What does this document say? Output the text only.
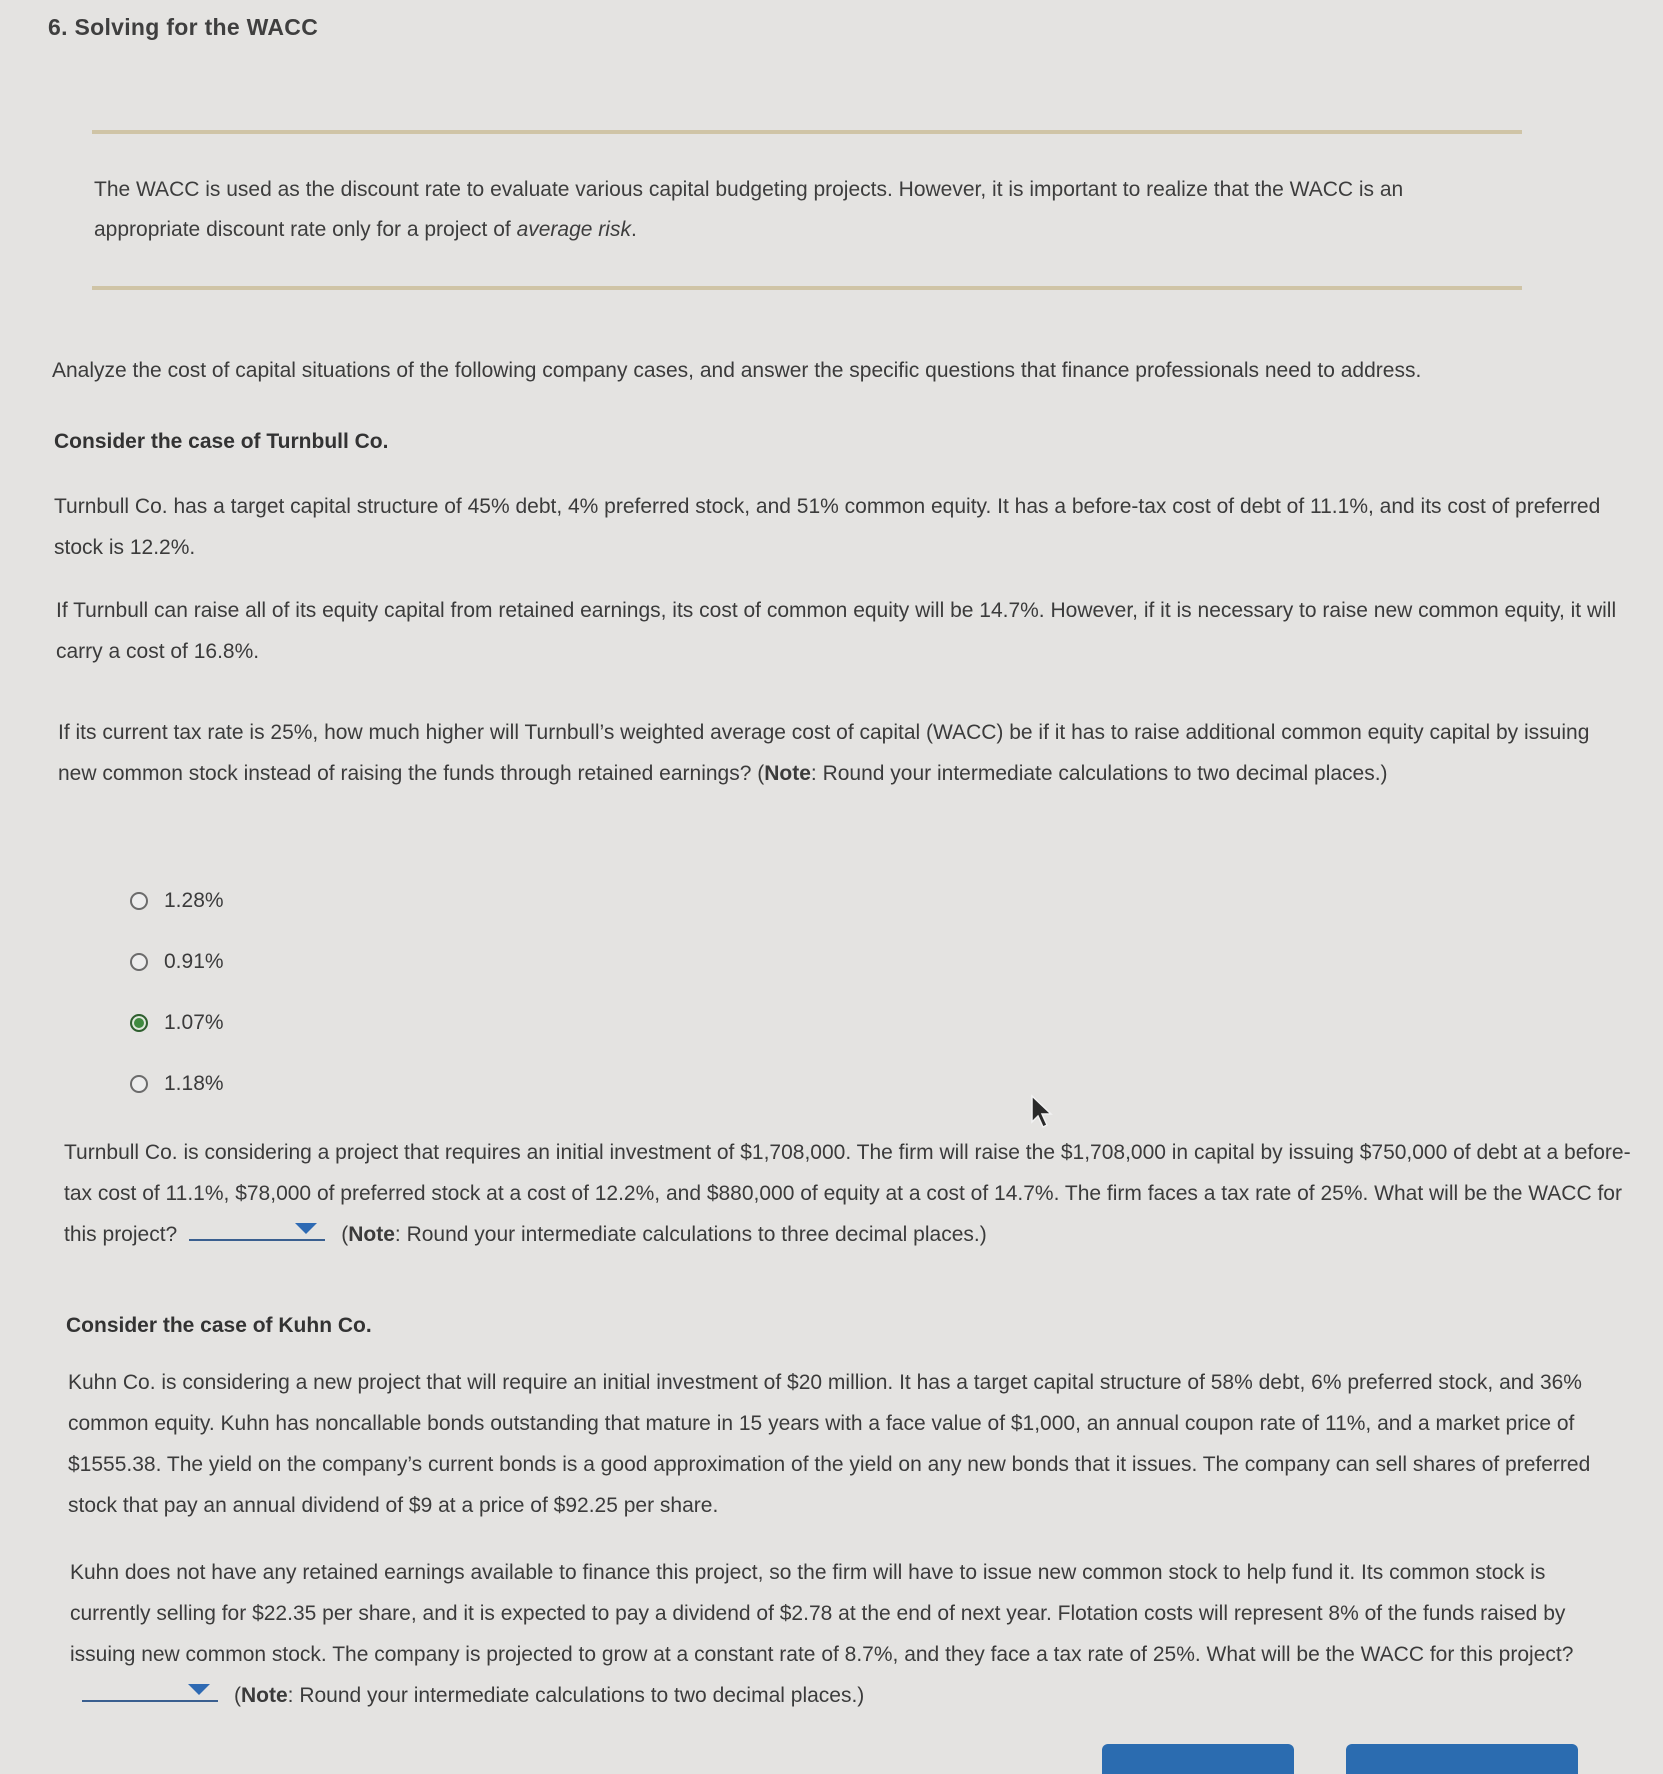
6. Solving for the WACC

The WACC is used as the discount rate to evaluate various capital budgeting projects. However, it is important to realize that the WACC is an appropriate discount rate only for a project of average risk.

Analyze the cost of capital situations of the following company cases, and answer the specific questions that finance professionals need to address.

Consider the case of Turnbull Co.

Turnbull Co. has a target capital structure of 45% debt, 4% preferred stock, and 51% common equity. It has a before-tax cost of debt of 11.1%, and its cost of preferred stock is 12.2%.

If Turnbull can raise all of its equity capital from retained earnings, its cost of common equity will be 14.7%. However, if it is necessary to raise new common equity, it will carry a cost of 16.8%.

If its current tax rate is 25%, how much higher will Turnbull’s weighted average cost of capital (WACC) be if it has to raise additional common equity capital by issuing new common stock instead of raising the funds through retained earnings? (Note: Round your intermediate calculations to two decimal places.)

1.28%
0.91%
1.07%
1.18%

Turnbull Co. is considering a project that requires an initial investment of $1,708,000. The firm will raise the $1,708,000 in capital by issuing $750,000 of debt at a before-tax cost of 11.1%, $78,000 of preferred stock at a cost of 12.2%, and $880,000 of equity at a cost of 14.7%. The firm faces a tax rate of 25%. What will be the WACC for this project?	(Note: Round your intermediate calculations to three decimal places.)

Consider the case of Kuhn Co.

Kuhn Co. is considering a new project that will require an initial investment of $20 million. It has a target capital structure of 58% debt, 6% preferred stock, and 36% common equity. Kuhn has noncallable bonds outstanding that mature in 15 years with a face value of $1,000, an annual coupon rate of 11%, and a market price of $1555.38. The yield on the company’s current bonds is a good approximation of the yield on any new bonds that it issues. The company can sell shares of preferred stock that pay an annual dividend of $9 at a price of $92.25 per share.

Kuhn does not have any retained earnings available to finance this project, so the firm will have to issue new common stock to help fund it. Its common stock is currently selling for $22.35 per share, and it is expected to pay a dividend of $2.78 at the end of next year. Flotation costs will represent 8% of the funds raised by issuing new common stock. The company is projected to grow at a constant rate of 8.7%, and they face a tax rate of 25%. What will be the WACC for this project?
(Note: Round your intermediate calculations to two decimal places.)
